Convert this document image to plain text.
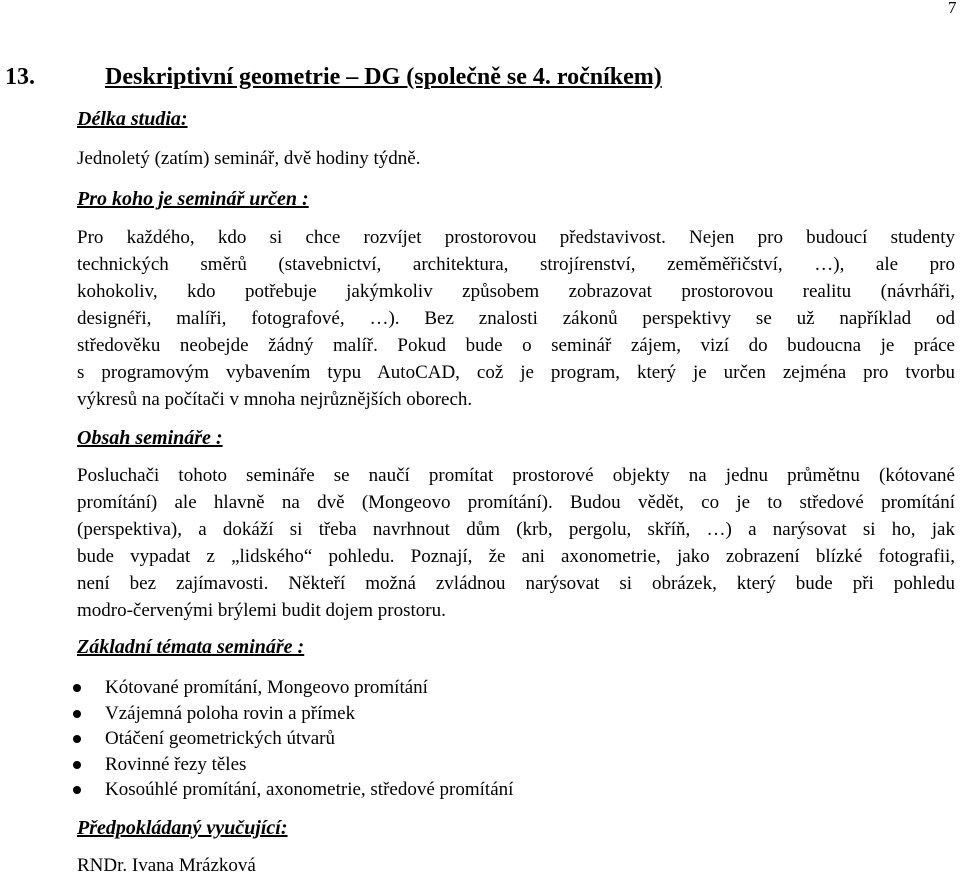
7
13.	Deskriptivní geometrie – DG (společně se 4. ročníkem)
Délka studia:
Jednoletý (zatím) seminář, dvě hodiny týdně.
Pro koho je seminář určen :
Pro každého, kdo si chce rozvíjet prostorovou představivost. Nejen pro budoucí studenty
technických směrů (stavebnictví, architektura, strojírenství, zeměměřičství, …), ale pro
kohokoliv, kdo potřebuje jakýmkoliv způsobem zobrazovat prostorovou realitu (návrháři,
designéři, malíři, fotografové, …). Bez znalosti zákonů perspektivy se už například od
středověku neobejde žádný malíř. Pokud bude o seminář zájem, vizí do budoucna je práce
s programovým vybavením typu AutoCAD, což je program, který je určen zejména pro tvorbu
výkresů na počítači v mnoha nejrůznějších oborech.
Obsah semináře :
Posluchači tohoto semináře se naučí promítat prostorové objekty na jednu průmětnu (kótované
promítání) ale hlavně na dvě (Mongeovo promítání). Budou vědět, co je to středové promítání
(perspektiva), a dokáží si třeba navrhnout dům (krb, pergolu, skříň, …) a narýsovat si ho, jak
bude vypadat z „lidského“ pohledu. Poznají, že ani axonometrie, jako zobrazení blízké fotografii,
není bez zajímavosti. Někteří možná zvládnou narýsovat si obrázek, který bude při pohledu
modro-červenými brýlemi budit dojem prostoru.
Základní témata semináře :
Kótované promítání, Mongeovo promítání
Vzájemná poloha rovin a přímek
Otáčení geometrických útvarů
Rovinné řezy těles
Kosoúhlé promítání, axonometrie, středové promítání
Předpokládaný vyučující:
RNDr. Ivana Mrázková
